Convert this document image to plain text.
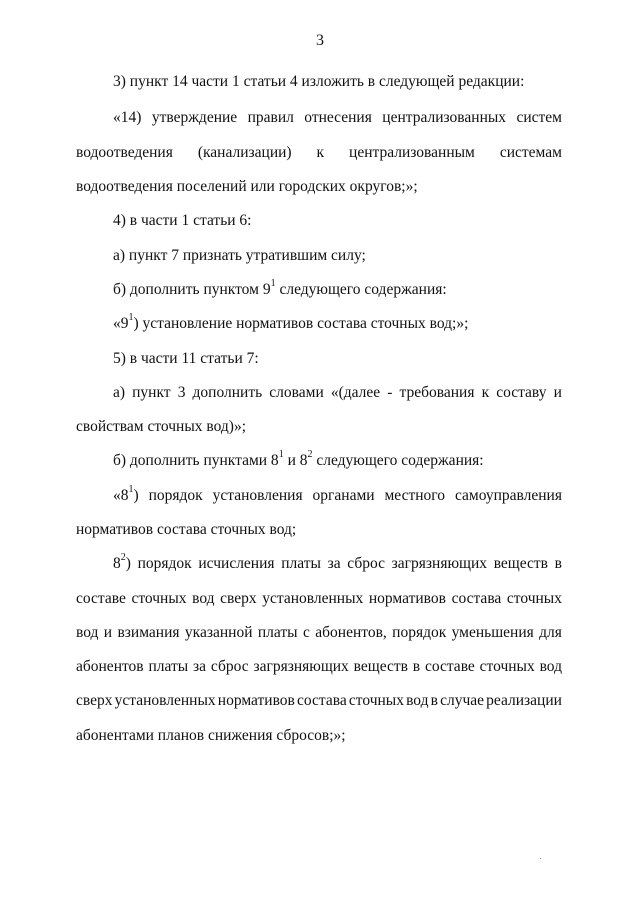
3
3) пункт 14 части 1 статьи 4 изложить в следующей редакции:
«14) утверждение правил отнесения централизованных систем
водоотведения (канализации) к централизованным системам
водоотведения поселений или городских округов;»;
4) в части 1 статьи 6:
а) пункт 7 признать утратившим силу;
б) дополнить пунктом $9^1$ следующего содержания:
«$9^1$) установление нормативов состава сточных вод;»;
5) в части 11 статьи 7:
а) пункт 3 дополнить словами «(далее - требования к составу и
свойствам сточных вод)»;
б) дополнить пунктами $8^1$ и $8^2$ следующего содержания:
«$8^1$) порядок установления органами местного самоуправления
нормативов состава сточных вод;
$8^2$) порядок исчисления платы за сброс загрязняющих веществ в
составе сточных вод сверх установленных нормативов состава сточных
вод и взимания указанной платы с абонентов, порядок уменьшения для
абонентов платы за сброс загрязняющих веществ в составе сточных вод
сверх установленных нормативов состава сточных вод в случае реализации
абонентами планов снижения сбросов;»;
